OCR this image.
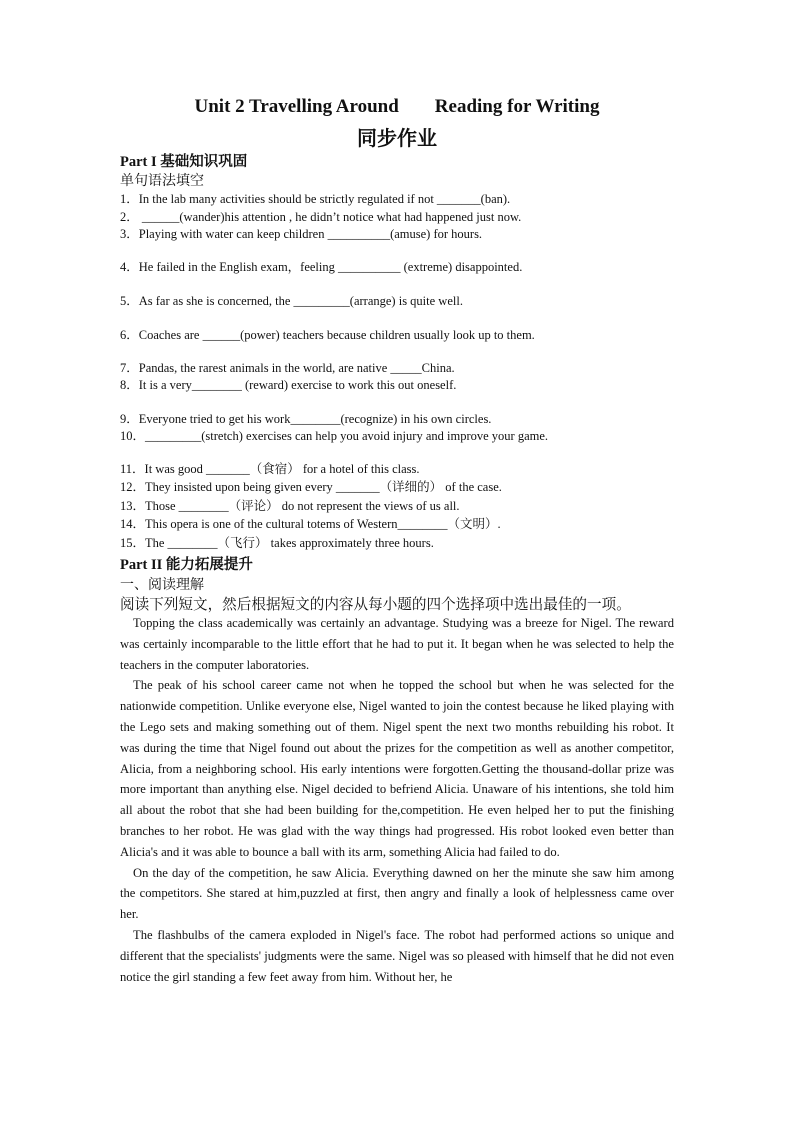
Unit 2 Travelling Around Reading for Writing
同步作业
Part I 基础知识巩固
单句语法填空
1．In the lab many activities should be strictly regulated if not _______(ban).
2． ______(wander)his attention , he didn’t notice what had happened just now.
3．Playing with water can keep children __________(amuse) for hours.
4．He failed in the English exam，feeling __________ (extreme) disappointed.
5．As far as she is concerned, the _________(arrange) is quite well.
6．Coaches are ______(power) teachers because children usually look up to them.
7．Pandas, the rarest animals in the world, are native _____China.
8．It is a very________ (reward) exercise to work this out oneself.
9．Everyone tried to get his work________(recognize) in his own circles.
10．_________(stretch) exercises can help you avoid injury and improve your game.
11．It was good _______（食宿） for a hotel of this class.
12．They insisted upon being given every _______（详细的） of the case.
13．Those ________（评论） do not represent the views of us all.
14．This opera is one of the cultural totems of Western________（文明）.
15．The ________（飞行） takes approximately three hours.
Part II 能力拓展提升
一、阅读理解
阅读下列短文，然后根据短文的内容从每小题的四个选择项中选出最佳的一项。

Topping the class academically was certainly an advantage. Studying was a breeze for Nigel. The reward was certainly incomparable to the little effort that he had to put it. It began when he was selected to help the teachers in the computer laboratories.

The peak of his school career came not when he topped the school but when he was selected for the nationwide competition. Unlike everyone else, Nigel wanted to join the contest because he liked playing with the Lego sets and making something out of them. Nigel spent the next two months rebuilding his robot. It was during the time that Nigel found out about the prizes for the competition as well as another competitor, Alicia, from a neighboring school. His early intentions were forgotten.Getting the thousand-dollar prize was more important than anything else. Nigel decided to befriend Alicia. Unaware of his intentions, she told him all about the robot that she had been building for the,competition. He even helped her to put the finishing branches to her robot. He was glad with the way things had progressed. His robot looked even better than Alicia's and it was able to bounce a ball with its arm, something Alicia had failed to do.

On the day of the competition, he saw Alicia. Everything dawned on her the minute she saw him among the competitors. She stared at him,puzzled at first, then angry and finally a look of helplessness came over her.

The flashbulbs of the camera exploded in Nigel's face. The robot had performed actions so unique and different that the specialists' judgments were the same. Nigel was so pleased with himself that he did not even notice the girl standing a few feet away from him. Without her, he
